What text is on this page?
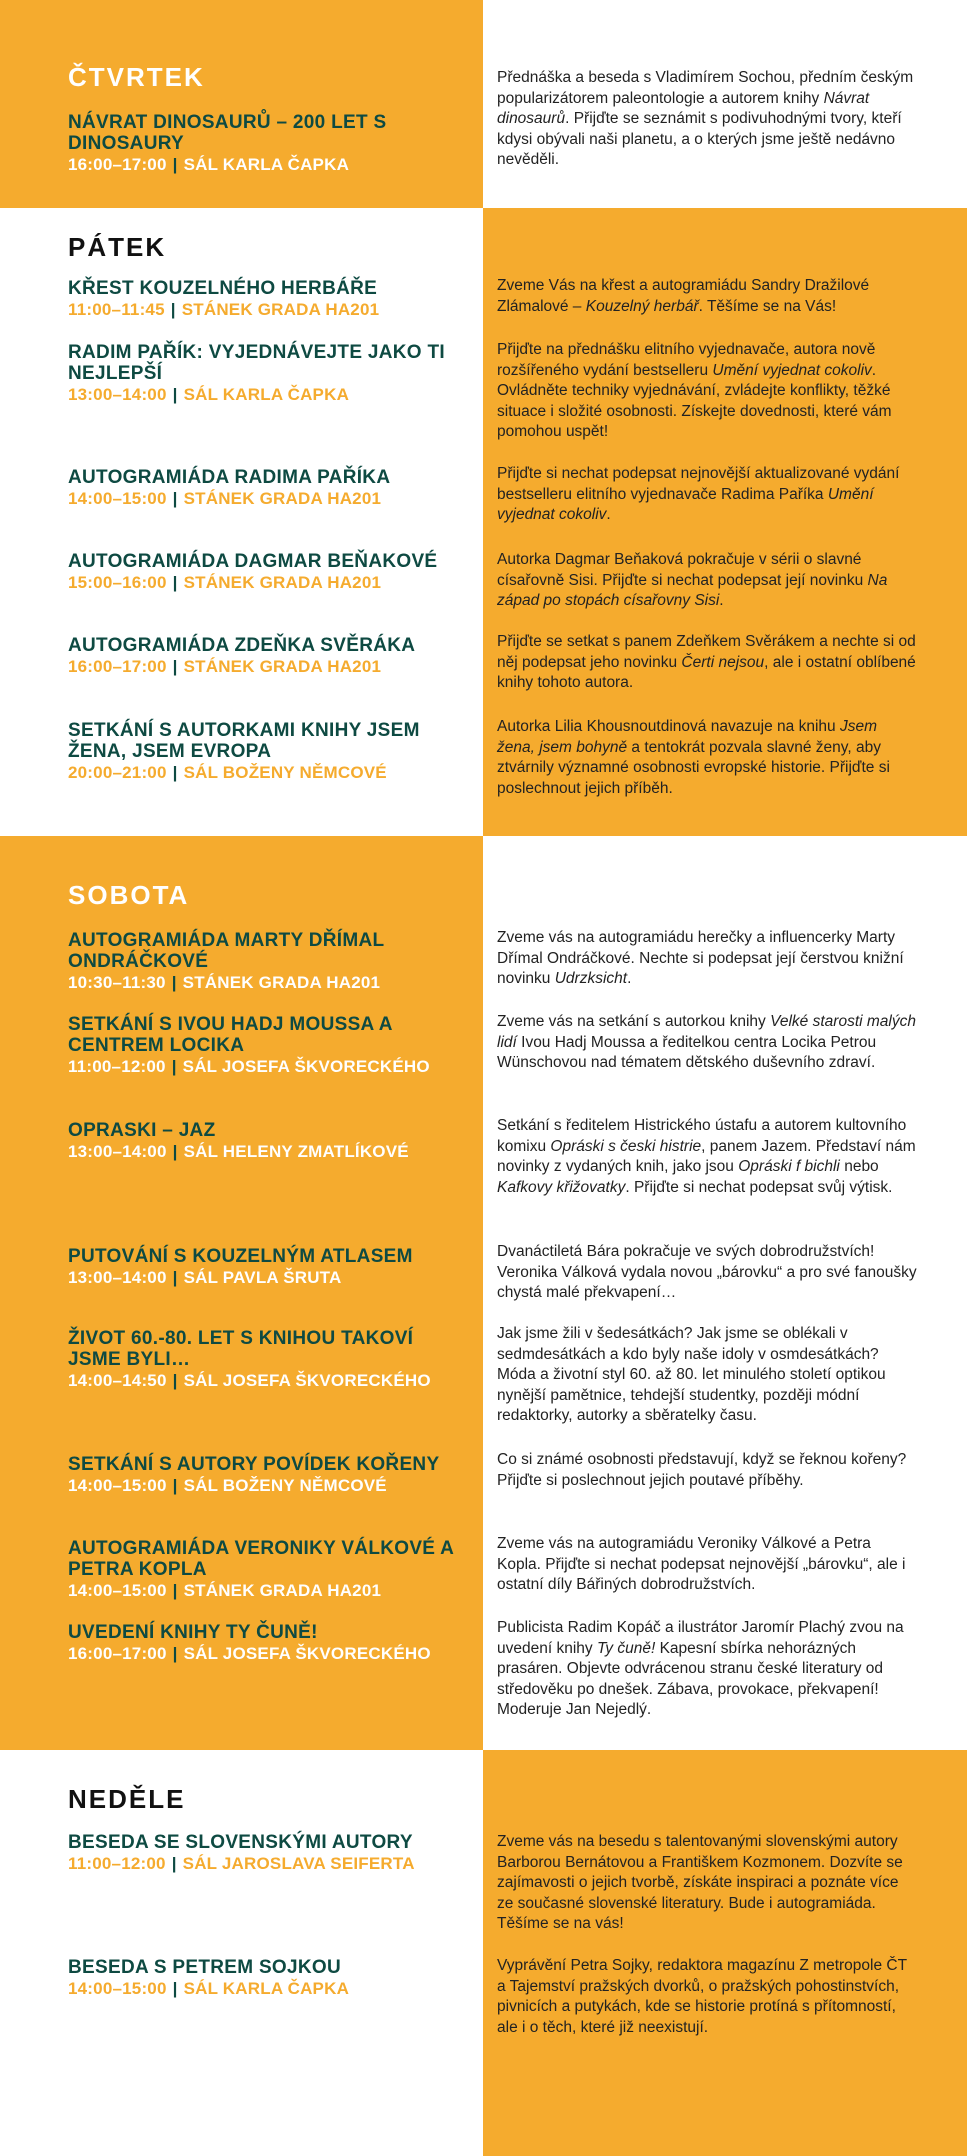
ČTVRTEK
NÁVRAT DINOSAURŮ – 200 LET S DINOSAURY
16:00–17:00 | SÁL KARLA ČAPKA
Přednáška a beseda s Vladimírem Sochou, předním českým popularizátorem paleontologie a autorem knihy Návrat dinosaurů. Přijďte se seznámit s podivuhodnými tvory, kteří kdysi obývali naši planetu, a o kterých jsme ještě nedávno nevěděli.
PÁTEK
KŘEST KOUZELNÉHO HERBÁŘE
11:00–11:45 | STÁNEK GRADA HA201
RADIM PAŘÍK: VYJEDNÁVEJTE JAKO TI NEJLEPŠÍ
13:00–14:00 | SÁL KARLA ČAPKA
AUTOGRAMIÁDA RADIMA PAŘÍKA
14:00–15:00 | STÁNEK GRADA HA201
AUTOGRAMIÁDA DAGMAR BEŇAKOVÉ
15:00–16:00 | STÁNEK GRADA HA201
AUTOGRAMIÁDA ZDEŇKA SVĚRÁKA
16:00–17:00 | STÁNEK GRADA HA201
SETKÁNÍ S AUTORKAMI KNIHY JSEM ŽENA, JSEM EVROPA
20:00–21:00 | SÁL BOŽENY NĚMCOVÉ
Zveme Vás na křest a autogramiádu Sandry Dražilové Zlámalové – Kouzelný herbář. Těšíme se na Vás!
Přijďte na přednášku elitního vyjednavače, autora nově rozšířeného vydání bestselleru Umění vyjednat cokoliv. Ovládněte techniky vyjednávání, zvládejte konflikty, těžké situace i složité osobnosti. Získejte dovednosti, které vám pomohou uspět!
Přijďte si nechat podepsat nejnovější aktualizované vydání bestselleru elitního vyjednavače Radima Paříka Umění vyjednat cokoliv.
Autorka Dagmar Beňaková pokračuje v sérii o slavné císařovně Sisi. Přijďte si nechat podepsat její novinku Na západ po stopách císařovny Sisi.
Přijďte se setkat s panem Zdeňkem Svěrákem a nechte si od něj podepsat jeho novinku Čerti nejsou, ale i ostatní oblíbené knihy tohoto autora.
Autorka Lilia Khousnoutdinová navazuje na knihu Jsem žena, jsem bohyně a tentokrát pozvala slavné ženy, aby ztvárnily významné osobnosti evropské historie. Přijďte si poslechnout jejich příběh.
SOBOTA
AUTOGRAMIÁDA MARTY DŘÍMAL ONDRÁČKOVÉ
10:30–11:30 | STÁNEK GRADA HA201
SETKÁNÍ S IVOU HADJ MOUSSA A CENTREM LOCIKA
11:00–12:00 | SÁL JOSEFA ŠKVORECKÉHO
OPRASKI – JAZ
13:00–14:00 | SÁL HELENY ZMATLÍKOVÉ
PUTOVÁNÍ S KOUZELNÝM ATLASEM
13:00–14:00 | SÁL PAVLA ŠRUTA
ŽIVOT 60.-80. LET S KNIHOU TAKOVÍ JSME BYLI…
14:00–14:50 | SÁL JOSEFA ŠKVORECKÉHO
SETKÁNÍ S AUTORY POVÍDEK KOŘENY
14:00–15:00 | SÁL BOŽENY NĚMCOVÉ
AUTOGRAMIÁDA VERONIKY VÁLKOVÉ A PETRA KOPLA
14:00–15:00 | STÁNEK GRADA HA201
UVEDENÍ KNIHY TY ČUNĚ!
16:00–17:00 | SÁL JOSEFA ŠKVORECKÉHO
Zveme vás na autogramiádu herečky a influencerky Marty Dřímal Ondráčkové. Nechte si podepsat její čerstvou knižní novinku Udrzksicht.
Zveme vás na setkání s autorkou knihy Velké starosti malých lidí Ivou Hadj Moussa a ředitelkou centra Locika Petrou Wünschovou nad tématem dětského duševního zdraví.
Setkání s ředitelem Histrického ústafu a autorem kultovního komixu Opráski s česki histrie, panem Jazem. Představí nám novinky z vydaných knih, jako jsou Opráski f bichli nebo Kafkovy křižovatky. Přijďte si nechat podepsat svůj výtisk.
Dvanáctiletá Bára pokračuje ve svých dobrodružstvích! Veronika Válková vydala novou „bárovku“ a pro své fanoušky chystá malé překvapení…
Jak jsme žili v šedesátkách? Jak jsme se oblékali v sedmdesátkách a kdo byly naše idoly v osmdesátkách? Móda a životní styl 60. až 80. let minulého století optikou nynější pamětnice, tehdejší studentky, později módní redaktorky, autorky a sběratelky času.
Co si známé osobnosti představují, když se řeknou kořeny? Přijďte si poslechnout jejich poutavé příběhy.
Zveme vás na autogramiádu Veroniky Válkové a Petra Kopla. Přijďte si nechat podepsat nejnovější „bárovku“, ale i ostatní díly Bářiných dobrodružstvích.
Publicista Radim Kopáč a ilustrátor Jaromír Plachý zvou na uvedení knihy Ty čuně! Kapesní sbírka nehorázných prasáren. Objevte odvrácenou stranu české literatury od středověku po dnešek. Zábava, provokace, překvapení! Moderuje Jan Nejedlý.
NEDĚLE
BESEDA SE SLOVENSKÝMI AUTORY
11:00–12:00 | SÁL JAROSLAVA SEIFERTA
BESEDA S PETREM SOJKOU
14:00–15:00 | SÁL KARLA ČAPKA
Zveme vás na besedu s talentovanými slovenskými autory Barborou Bernátovou a Františkem Kozmonem. Dozvíte se zajímavosti o jejich tvorbě, získáte inspiraci a poznáte více ze současné slovenské literatury. Bude i autogramiáda. Těšíme se na vás!
Vyprávění Petra Sojky, redaktora magazínu Z metropole ČT a Tajemství pražských dvorků, o pražských pohostinstvích, pivnicích a putykách, kde se historie protíná s přítomností, ale i o těch, které již neexistují.
